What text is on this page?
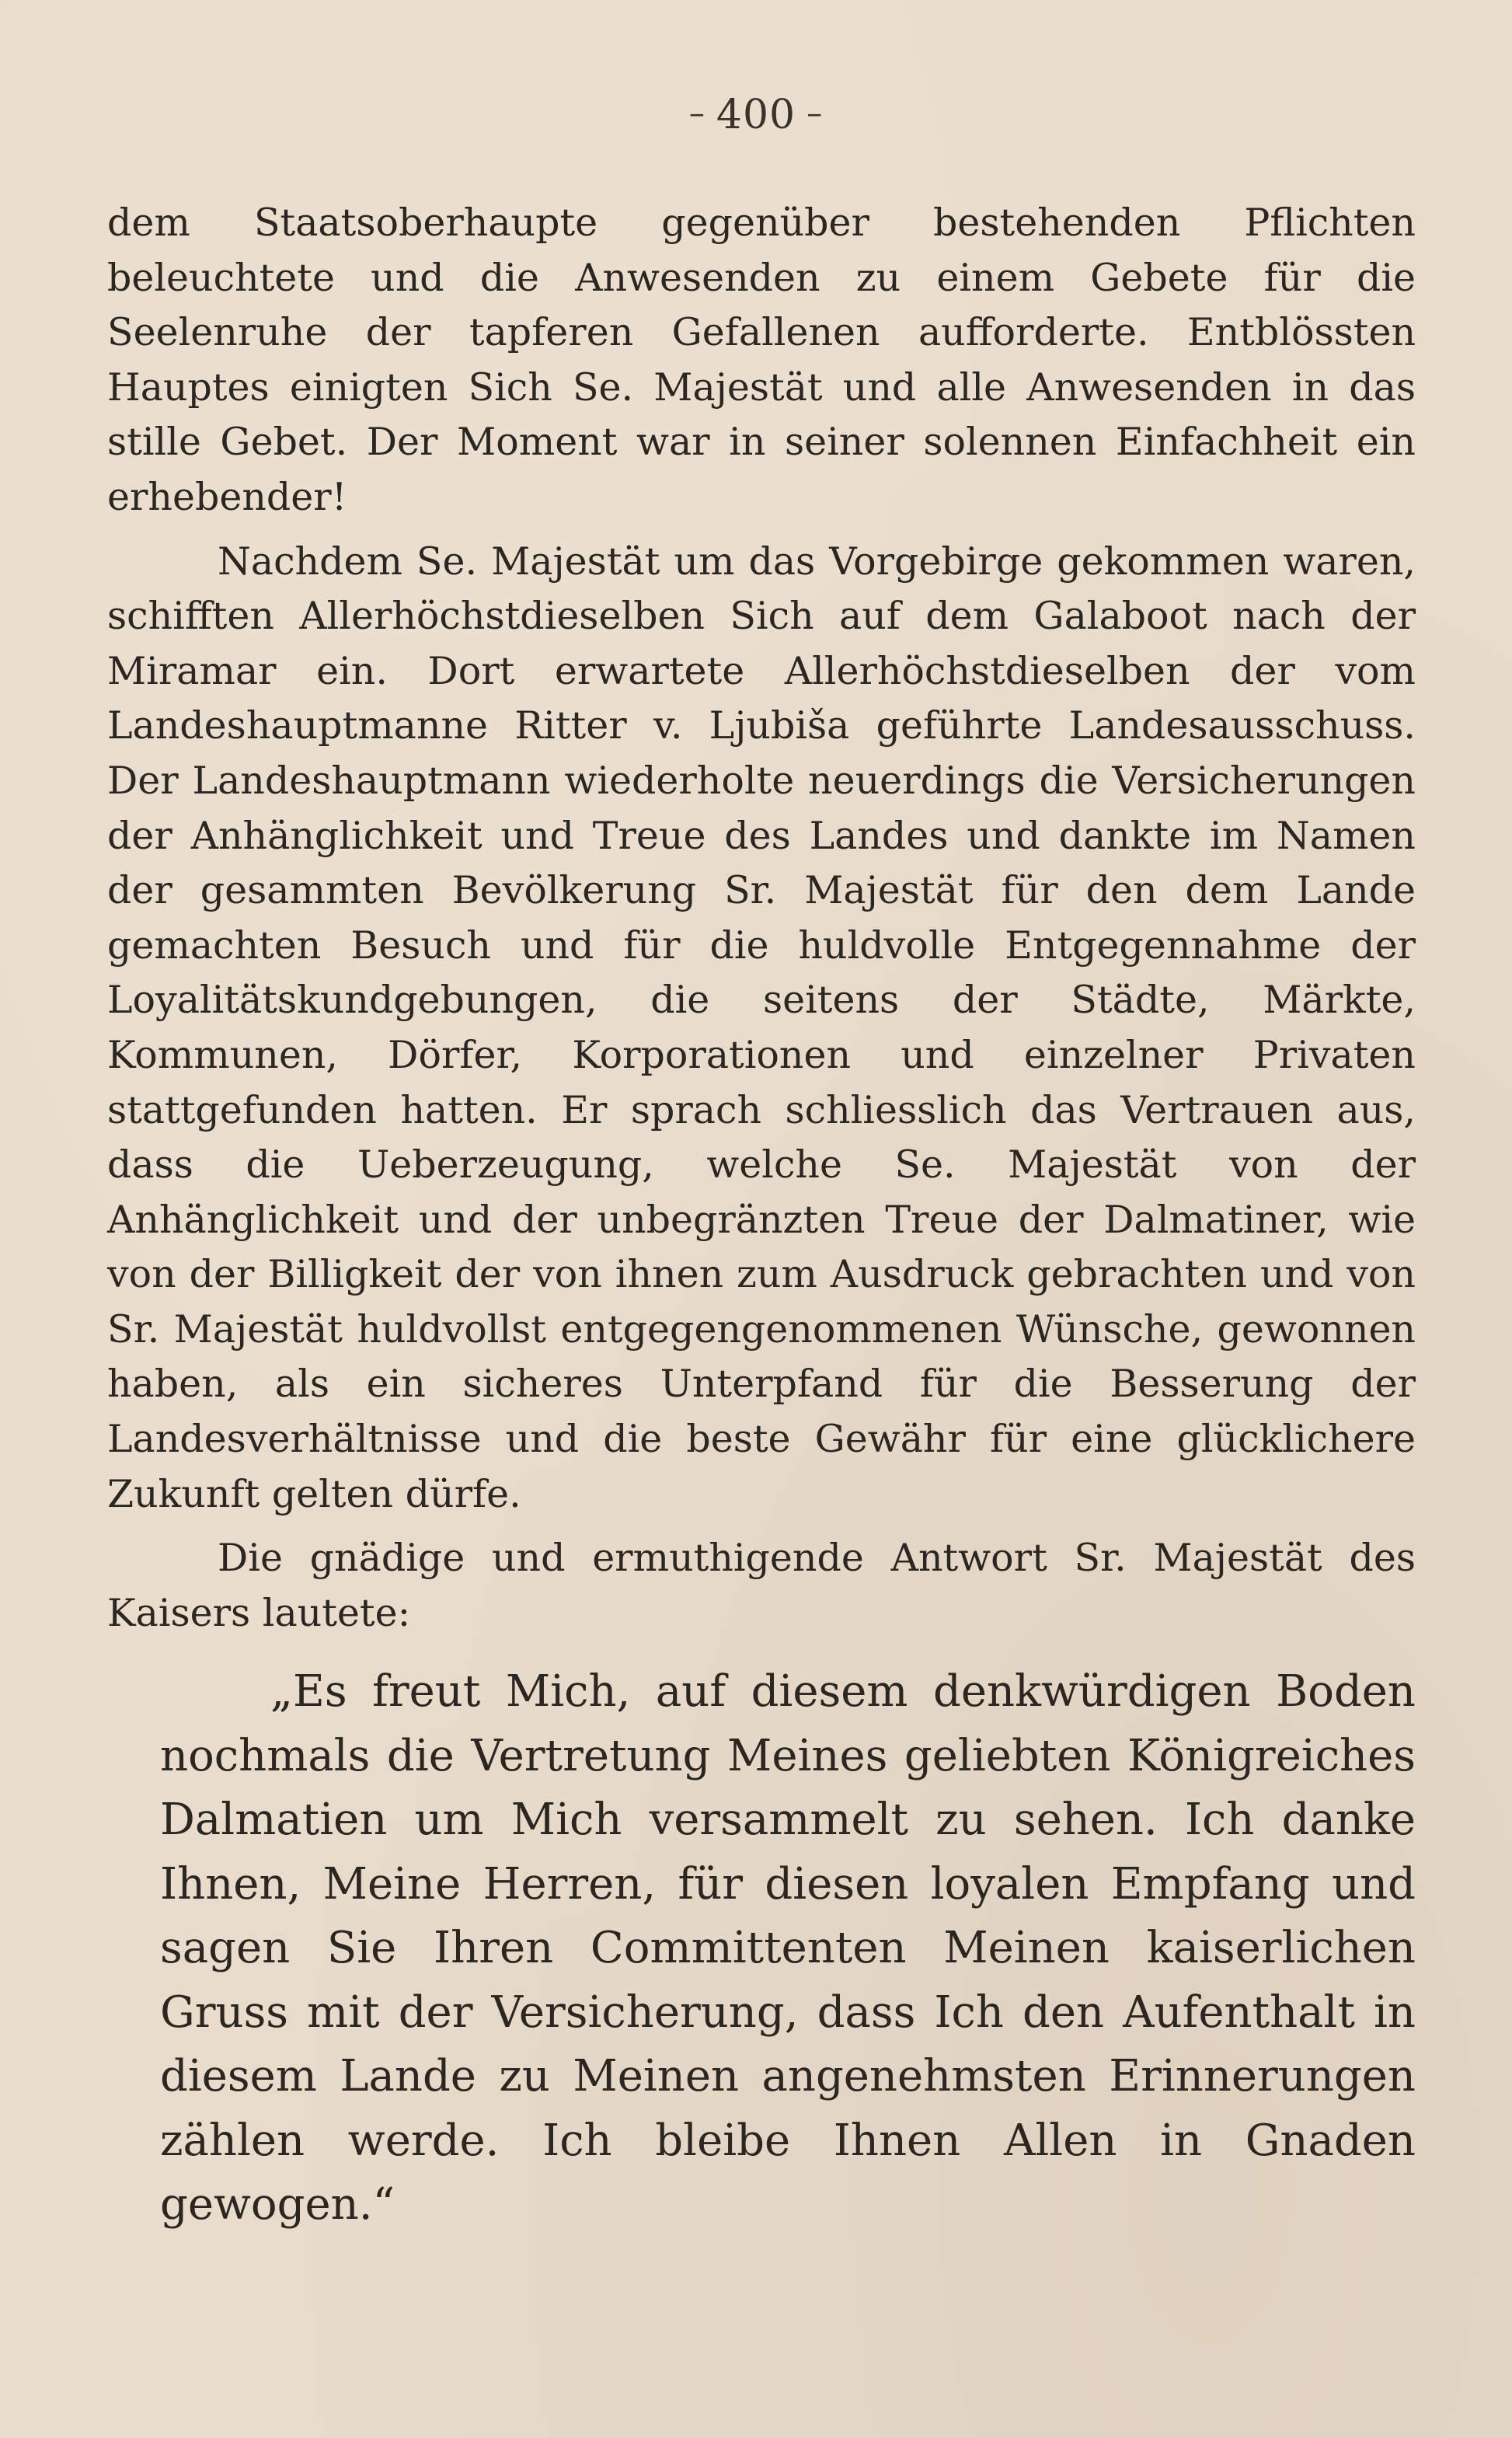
– 400 –

dem Staatsoberhaupte gegenüber bestehenden Pflichten beleuchtete und die Anwesenden zu einem Gebete für die Seelenruhe der tapferen Gefallenen aufforderte. Entblössten Hauptes einigten Sich Se. Majestät und alle Anwesenden in das stille Gebet. Der Moment war in seiner solennen Einfachheit ein erhebender!

Nachdem Se. Majestät um das Vorgebirge gekommen waren, schifften Allerhöchstdieselben Sich auf dem Galaboot nach der Miramar ein. Dort erwartete Allerhöchstdieselben der vom Landeshauptmanne Ritter v. Ljubiša geführte Landesausschuss. Der Landeshauptmann wiederholte neuerdings die Versicherungen der Anhänglichkeit und Treue des Landes und dankte im Namen der gesammten Bevölkerung Sr. Majestät für den dem Lande gemachten Besuch und für die huldvolle Entgegennahme der Loyalitätskundgebungen, die seitens der Städte, Märkte, Kommunen, Dörfer, Korporationen und einzelner Privaten stattgefunden hatten. Er sprach schliesslich das Vertrauen aus, dass die Ueberzeugung, welche Se. Majestät von der Anhänglichkeit und der unbegränzten Treue der Dalmatiner, wie von der Billigkeit der von ihnen zum Ausdruck gebrachten und von Sr. Majestät huldvollst entgegengenommenen Wünsche, gewonnen haben, als ein sicheres Unterpfand für die Besserung der Landesverhältnisse und die beste Gewähr für eine glücklichere Zukunft gelten dürfe.

Die gnädige und ermuthigende Antwort Sr. Majestät des Kaisers lautete:

„Es freut Mich, auf diesem denkwürdigen Boden nochmals die Vertretung Meines geliebten Königreiches Dalmatien um Mich versammelt zu sehen. Ich danke Ihnen, Meine Herren, für diesen loyalen Empfang und sagen Sie Ihren Committenten Meinen kaiserlichen Gruss mit der Versicherung, dass Ich den Aufenthalt in diesem Lande zu Meinen angenehmsten Erinnerungen zählen werde. Ich bleibe Ihnen Allen in Gnaden gewogen.“
